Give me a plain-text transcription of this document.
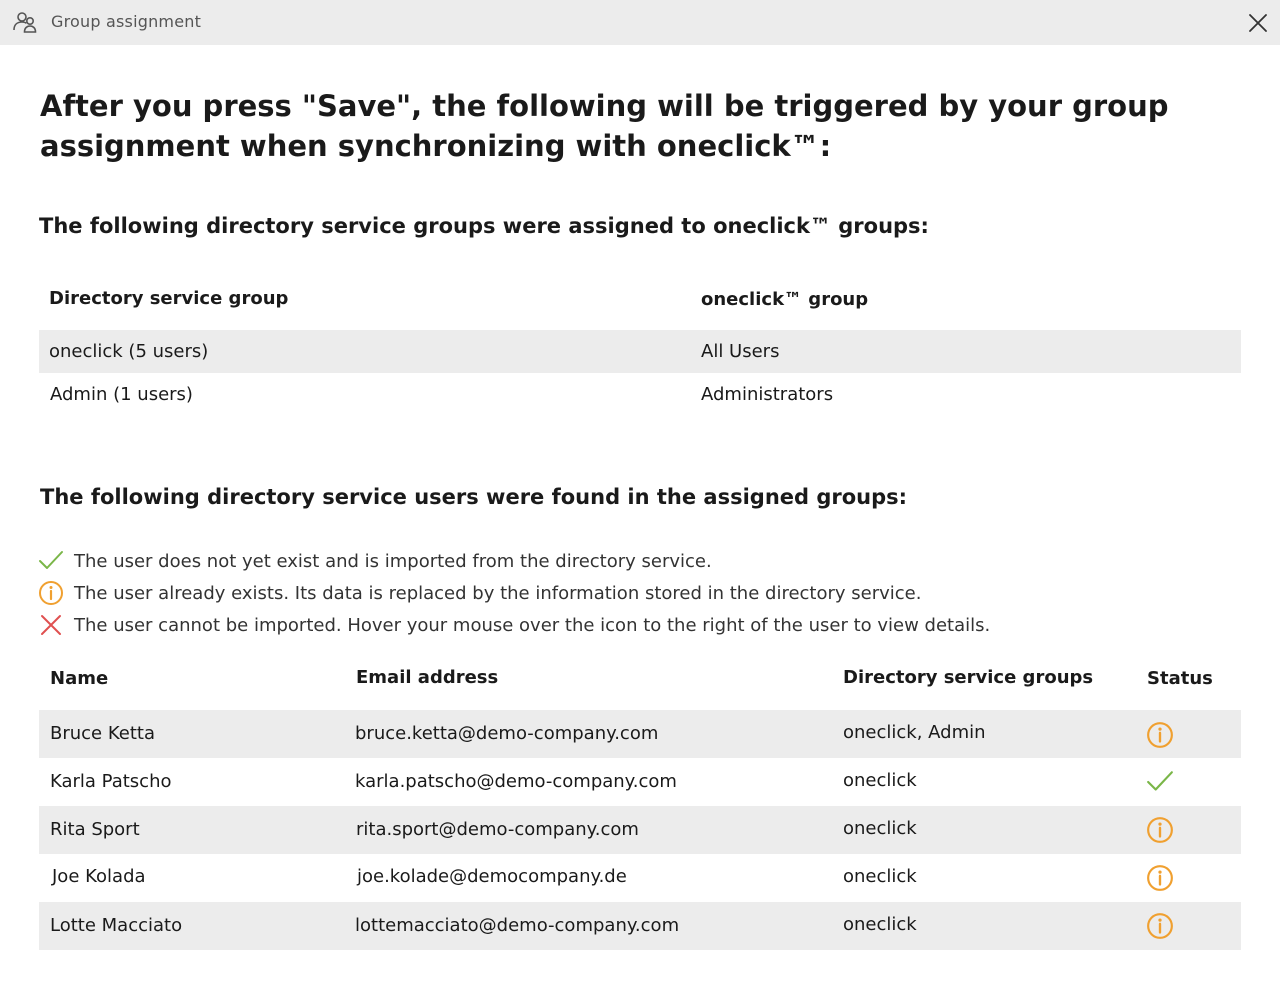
Group assignment
After you press "Save", the following will be triggered by your group assignment when synchronizing with oneclick™:
The following directory service groups were assigned to oneclick™ groups:
Directory service group	oneclick™ group
oneclick (5 users)	All Users
Admin (1 users)	Administrators
The following directory service users were found in the assigned groups:
The user does not yet exist and is imported from the directory service.
The user already exists. Its data is replaced by the information stored in the directory service.
The user cannot be imported. Hover your mouse over the icon to the right of the user to view details.
Name	Email address	Directory service groups	Status
Bruce Ketta	bruce.ketta@demo-company.com	oneclick, Admin
Karla Patscho	karla.patscho@demo-company.com	oneclick
Rita Sport	rita.sport@demo-company.com	oneclick
Joe Kolada	joe.kolade@democompany.de	oneclick
Lotte Macciato	lottemacciato@demo-company.com	oneclick
